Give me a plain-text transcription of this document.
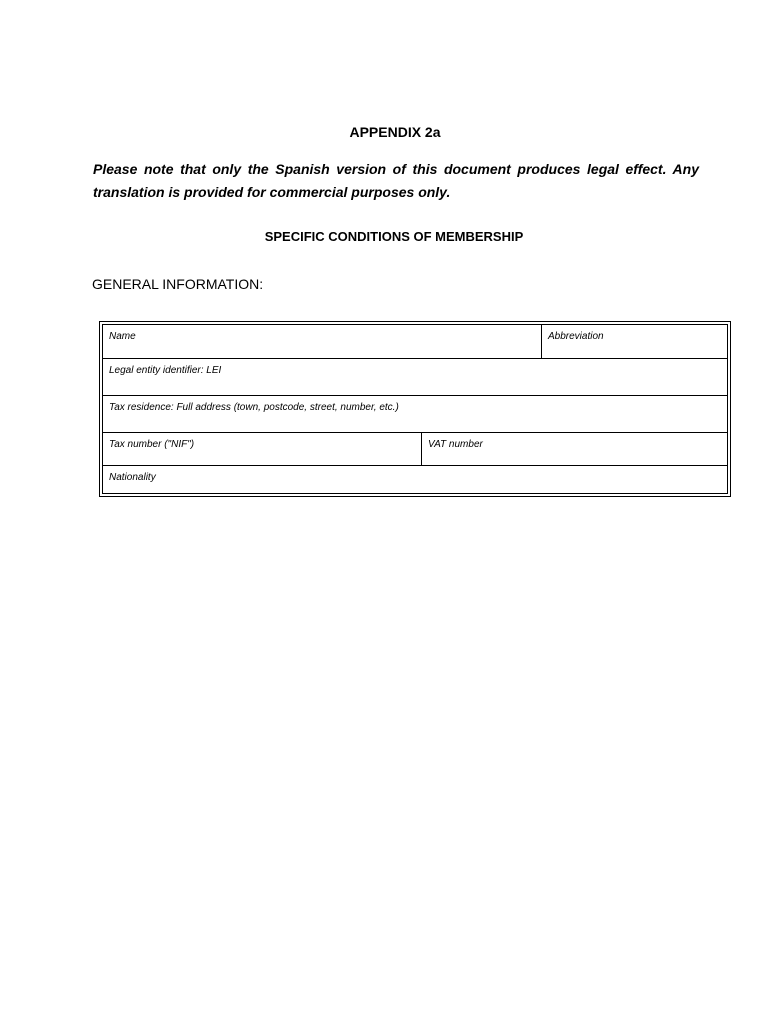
APPENDIX 2a
Please note that only the Spanish version of this document produces legal effect. Any translation is provided for commercial purposes only.
SPECIFIC CONDITIONS OF MEMBERSHIP
GENERAL INFORMATION:
Name	Abbreviation
Legal entity identifier: LEI
Tax residence: Full address (town, postcode, street, number, etc.)
Tax number ("NIF")	VAT number
Nationality
